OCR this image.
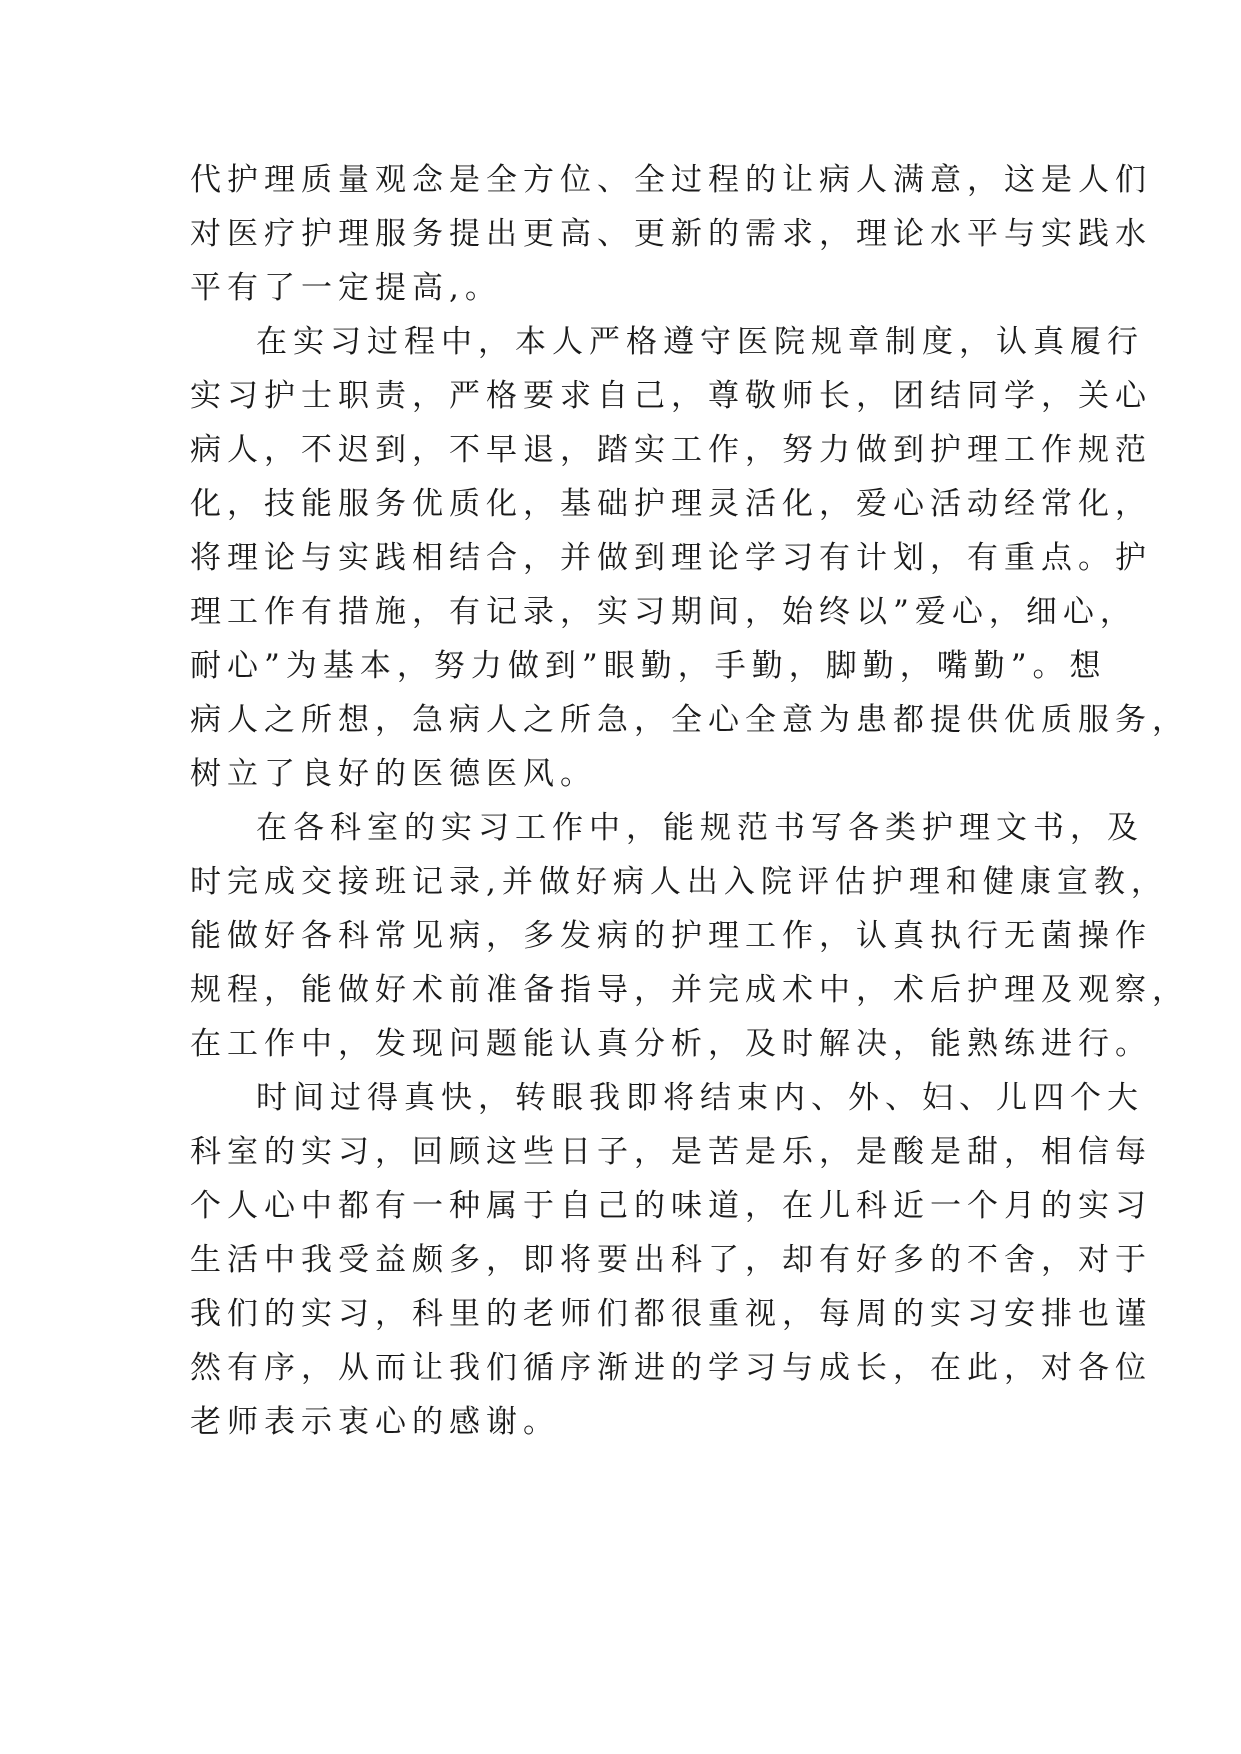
代护理质量观念是全方位、全过程的让病人满意，这是人们
对医疗护理服务提出更高、更新的需求，理论水平与实践水
平有了一定提高,。
在实习过程中，本人严格遵守医院规章制度，认真履行
实习护士职责，严格要求自己，尊敬师长，团结同学，关心
病人，不迟到，不早退，踏实工作，努力做到护理工作规范
化，技能服务优质化，基础护理灵活化，爱心活动经常化，
将理论与实践相结合，并做到理论学习有计划，有重点。护
理工作有措施，有记录，实习期间，始终以”爱心，细心，
耐心”为基本，努力做到”眼勤，手勤，脚勤，嘴勤”。想
病人之所想，急病人之所急，全心全意为患都提供优质服务，
树立了良好的医德医风。
在各科室的实习工作中，能规范书写各类护理文书，及
时完成交接班记录,并做好病人出入院评估护理和健康宣教，
能做好各科常见病，多发病的护理工作，认真执行无菌操作
规程，能做好术前准备指导，并完成术中，术后护理及观察，
在工作中，发现问题能认真分析，及时解决，能熟练进行。
时间过得真快，转眼我即将结束内、外、妇、儿四个大
科室的实习，回顾这些日子，是苦是乐，是酸是甜，相信每
个人心中都有一种属于自己的味道，在儿科近一个月的实习
生活中我受益颇多，即将要出科了，却有好多的不舍，对于
我们的实习，科里的老师们都很重视，每周的实习安排也谨
然有序，从而让我们循序渐进的学习与成长，在此，对各位
老师表示衷心的感谢。
